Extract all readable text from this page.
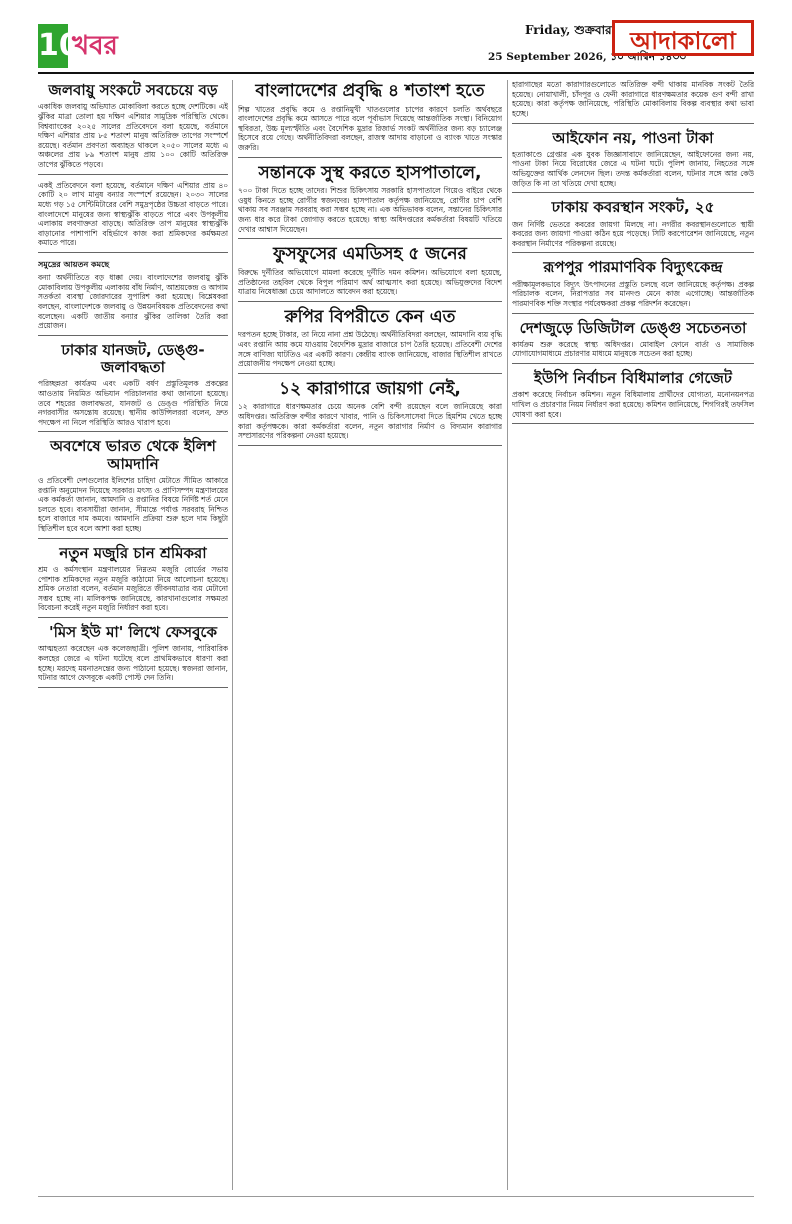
10
খবর
Friday, শুক্রবার
25 September 2026, ১০ আশ্বিন ১৪৩৩
আদাকালো
জলবায়ু সংকটে সবচেয়ে বড়

একাধিক জলবায়ু অভিঘাত মোকাবিলা করতে হচ্ছে দেশটিকে। এই ঝুঁকির মাত্রা তোলা হয় দক্ষিণ এশিয়ার সামুদ্রিক পরিস্থিতি থেকে। বিশ্বব্যাংকের ২০২৫ সালের প্রতিবেদনে বলা হয়েছে, বর্তমানে দক্ষিণ এশিয়ার প্রায় ৮৫ শতাংশ মানুষ অতিরিক্ত তাপের সংস্পর্শে রয়েছে। বর্তমান প্রবণতা অব্যাহত থাকলে ২০৫০ সালের মধ্যে এ অঞ্চলের প্রায় ৮৯ শতাংশ মানুষ প্রায় ১০০ কোটি অতিরিক্ত তাপের ঝুঁকিতে পড়বে।

একই প্রতিবেদনে বলা হয়েছে, বর্তমানে দক্ষিণ এশিয়ার প্রায় ৪০ কোটি ২০ লাখ মানুষ বন্যার সংস্পর্শে রয়েছেন। ২০৩০ সালের মধ্যে গড় ১৫ সেন্টিমিটারের বেশি সমুদ্রপৃষ্ঠের উচ্চতা বাড়তে পারে। বাংলাদেশে মানুষের জন্য স্বাস্থ্যঝুঁকি বাড়তে পারে এবং উপকূলীয় এলাকায় লবণাক্ততা বাড়ছে। অতিরিক্ত তাপ মানুষের স্বাস্থ্যঝুঁকি বাড়ানোর পাশাপাশি বহির্ভাগে কাজ করা শ্রমিকদের কর্মক্ষমতা কমাতে পারে।

সমুদ্রের আয়তন কমছে

বন্যা অর্থনীতিতে বড় ধাক্কা দেয়। বাংলাদেশের জলবায়ু ঝুঁকি মোকাবিলায় উপকূলীয় এলাকায় বাঁধ নির্মাণ, আশ্রয়কেন্দ্র ও আগাম সতর্কতা ব্যবস্থা জোরদারের সুপারিশ করা হয়েছে। বিশ্লেষকরা বলছেন, বাংলাদেশকে জলবায়ু ও উন্নয়নবিষয়ক প্রতিবেদনের কথা বলেছেন। একটি জাতীয় বন্যার ঝুঁকির তালিকা তৈরি করা প্রয়োজন।

ঢাকার যানজট, ডেঙ্গু-জলাবদ্ধতা

পরিচ্ছন্নতা কার্যক্রম এবং একটি বর্ষণ প্রস্তুতিমূলক প্রকল্পের আওতায় নিয়মিত অভিযান পরিচালনার কথা জানানো হয়েছে। তবে শহরের জলাবদ্ধতা, যানজট ও ডেঙ্গু পরিস্থিতি নিয়ে নগরবাসীর অসন্তোষ রয়েছে। স্থানীয় কাউন্সিলররা বলেন, দ্রুত পদক্ষেপ না নিলে পরিস্থিতি আরও খারাপ হবে।

অবশেষে ভারত থেকে ইলিশ আমদানি

ও প্রতিবেশী দেশগুলোর ইলিশের চাহিদা মেটাতে সীমিত আকারে রপ্তানি অনুমোদন দিয়েছে সরকার। মৎস্য ও প্রাণিসম্পদ মন্ত্রণালয়ের এক কর্মকর্তা জানান, আমদানি ও রপ্তানির বিষয়ে নির্দিষ্ট শর্ত মেনে চলতে হবে। ব্যবসায়ীরা জানান, সীমান্তে পর্যাপ্ত সরবরাহ নিশ্চিত হলে বাজারে দাম কমবে। আমদানি প্রক্রিয়া শুরু হলে দাম কিছুটা স্থিতিশীল হবে বলে আশা করা হচ্ছে।

নতুন মজুরি চান শ্রমিকরা

শ্রম ও কর্মসংস্থান মন্ত্রণালয়ের নিম্নতম মজুরি বোর্ডের সভায় পোশাক শ্রমিকদের নতুন মজুরি কাঠামো নিয়ে আলোচনা হয়েছে। শ্রমিক নেতারা বলেন, বর্তমান মজুরিতে জীবনযাত্রার ব্যয় মেটানো সম্ভব হচ্ছে না। মালিকপক্ষ জানিয়েছে, কারখানাগুলোর সক্ষমতা বিবেচনা করেই নতুন মজুরি নির্ধারণ করা হবে।

'মিস ইউ মা' লিখে ফেসবুকে

আত্মহত্যা করেছেন এক কলেজছাত্রী। পুলিশ জানায়, পারিবারিক কলহের জেরে এ ঘটনা ঘটেছে বলে প্রাথমিকভাবে ধারণা করা হচ্ছে। মরদেহ ময়নাতদন্তের জন্য পাঠানো হয়েছে। স্বজনরা জানান, ঘটনার আগে ফেসবুকে একটি পোস্ট দেন তিনি।

বাংলাদেশের প্রবৃদ্ধি ৪ শতাংশ হতে

শিল্প খাতের প্রবৃদ্ধি কমে ও রপ্তানিমুখী খাতগুলোর চাপের কারণে চলতি অর্থবছরে বাংলাদেশের প্রবৃদ্ধি কমে আসতে পারে বলে পূর্বাভাস দিয়েছে আন্তর্জাতিক সংস্থা। বিনিয়োগ স্থবিরতা, উচ্চ মূল্যস্ফীতি এবং বৈদেশিক মুদ্রার রিজার্ভ সংকট অর্থনীতির জন্য বড় চ্যালেঞ্জ হিসেবে রয়ে গেছে। অর্থনীতিবিদরা বলছেন, রাজস্ব আদায় বাড়ানো ও ব্যাংক খাতে সংস্কার জরুরি।

সন্তানকে সুস্থ করতে হাসপাতালে,

৭০০ টাকা দিতে হচ্ছে তাদের। শিশুর চিকিৎসায় সরকারি হাসপাতালে গিয়েও বাইরে থেকে ওষুধ কিনতে হচ্ছে রোগীর স্বজনদের। হাসপাতাল কর্তৃপক্ষ জানিয়েছে, রোগীর চাপ বেশি থাকায় সব সরঞ্জাম সরবরাহ করা সম্ভব হচ্ছে না। এক অভিভাবক বলেন, সন্তানের চিকিৎসার জন্য ধার করে টাকা জোগাড় করতে হয়েছে। স্বাস্থ্য অধিদপ্তরের কর্মকর্তারা বিষয়টি খতিয়ে দেখার আশ্বাস দিয়েছেন।

ফুসফুসের এমডিসহ ৫ জনের

বিরুদ্ধে দুর্নীতির অভিযোগে মামলা করেছে দুর্নীতি দমন কমিশন। অভিযোগে বলা হয়েছে, প্রতিষ্ঠানের তহবিল থেকে বিপুল পরিমাণ অর্থ আত্মসাৎ করা হয়েছে। অভিযুক্তদের বিদেশ যাত্রায় নিষেধাজ্ঞা চেয়ে আদালতে আবেদন করা হয়েছে।

রুপির বিপরীতে কেন এত

দরপতন হচ্ছে টাকার, তা নিয়ে নানা প্রশ্ন উঠেছে। অর্থনীতিবিদরা বলছেন, আমদানি ব্যয় বৃদ্ধি এবং রপ্তানি আয় কমে যাওয়ায় বৈদেশিক মুদ্রার বাজারে চাপ তৈরি হয়েছে। প্রতিবেশী দেশের সঙ্গে বাণিজ্য ঘাটতিও এর একটি কারণ। কেন্দ্রীয় ব্যাংক জানিয়েছে, বাজার স্থিতিশীল রাখতে প্রয়োজনীয় পদক্ষেপ নেওয়া হচ্ছে।

১২ কারাগারে জায়গা নেই,

১২ কারাগারে ধারণক্ষমতার চেয়ে অনেক বেশি বন্দী রয়েছেন বলে জানিয়েছে কারা অধিদপ্তর। অতিরিক্ত বন্দীর কারণে খাবার, পানি ও চিকিৎসাসেবা দিতে হিমশিম খেতে হচ্ছে কারা কর্তৃপক্ষকে। কারা কর্মকর্তারা বলেন, নতুন কারাগার নির্মাণ ও বিদ্যমান কারাগার সম্প্রসারণের পরিকল্পনা নেওয়া হয়েছে।

হারাগাছের মতো কারাগারগুলোতে অতিরিক্ত বন্দী থাকায় মানবিক সংকট তৈরি হয়েছে। নোয়াখালী, চাঁদপুর ও ফেনী কারাগারে ধারণক্ষমতার কয়েক গুণ বন্দী রাখা হয়েছে। কারা কর্তৃপক্ষ জানিয়েছে, পরিস্থিতি মোকাবিলায় বিকল্প ব্যবস্থার কথা ভাবা হচ্ছে।

আইফোন নয়, পাওনা টাকা

হত্যাকাণ্ডে গ্রেপ্তার এক যুবক জিজ্ঞাসাবাদে জানিয়েছেন, আইফোনের জন্য নয়, পাওনা টাকা নিয়ে বিরোধের জেরে এ ঘটনা ঘটে। পুলিশ জানায়, নিহতের সঙ্গে অভিযুক্তের আর্থিক লেনদেন ছিল। তদন্ত কর্মকর্তারা বলেন, ঘটনার সঙ্গে আর কেউ জড়িত কি না তা খতিয়ে দেখা হচ্ছে।

ঢাকায় কবরস্থান সংকট, ২৫

জন নির্দিষ্ট ভেতরে কবরের জায়গা মিলছে না। নগরীর কবরস্থানগুলোতে স্থায়ী কবরের জন্য জায়গা পাওয়া কঠিন হয়ে পড়েছে। সিটি করপোরেশন জানিয়েছে, নতুন কবরস্থান নির্মাণের পরিকল্পনা রয়েছে।

রূপপুর পারমাণবিক বিদ্যুৎকেন্দ্র

পরীক্ষামূলকভাবে বিদ্যুৎ উৎপাদনের প্রস্তুতি চলছে বলে জানিয়েছে কর্তৃপক্ষ। প্রকল্প পরিচালক বলেন, নিরাপত্তার সব মানদণ্ড মেনে কাজ এগোচ্ছে। আন্তর্জাতিক পারমাণবিক শক্তি সংস্থার পর্যবেক্ষকরা প্রকল্প পরিদর্শন করেছেন।

দেশজুড়ে ডিজিটাল ডেঙ্গু সচেতনতা

কার্যক্রম শুরু করেছে স্বাস্থ্য অধিদপ্তর। মোবাইল ফোনে বার্তা ও সামাজিক যোগাযোগমাধ্যমে প্রচারণার মাধ্যমে মানুষকে সচেতন করা হচ্ছে।

ইউপি নির্বাচন বিধিমালার গেজেট

প্রকাশ করেছে নির্বাচন কমিশন। নতুন বিধিমালায় প্রার্থীদের যোগ্যতা, মনোনয়নপত্র দাখিল ও প্রচারণার নিয়ম নির্ধারণ করা হয়েছে। কমিশন জানিয়েছে, শিগগিরই তফসিল ঘোষণা করা হবে।
